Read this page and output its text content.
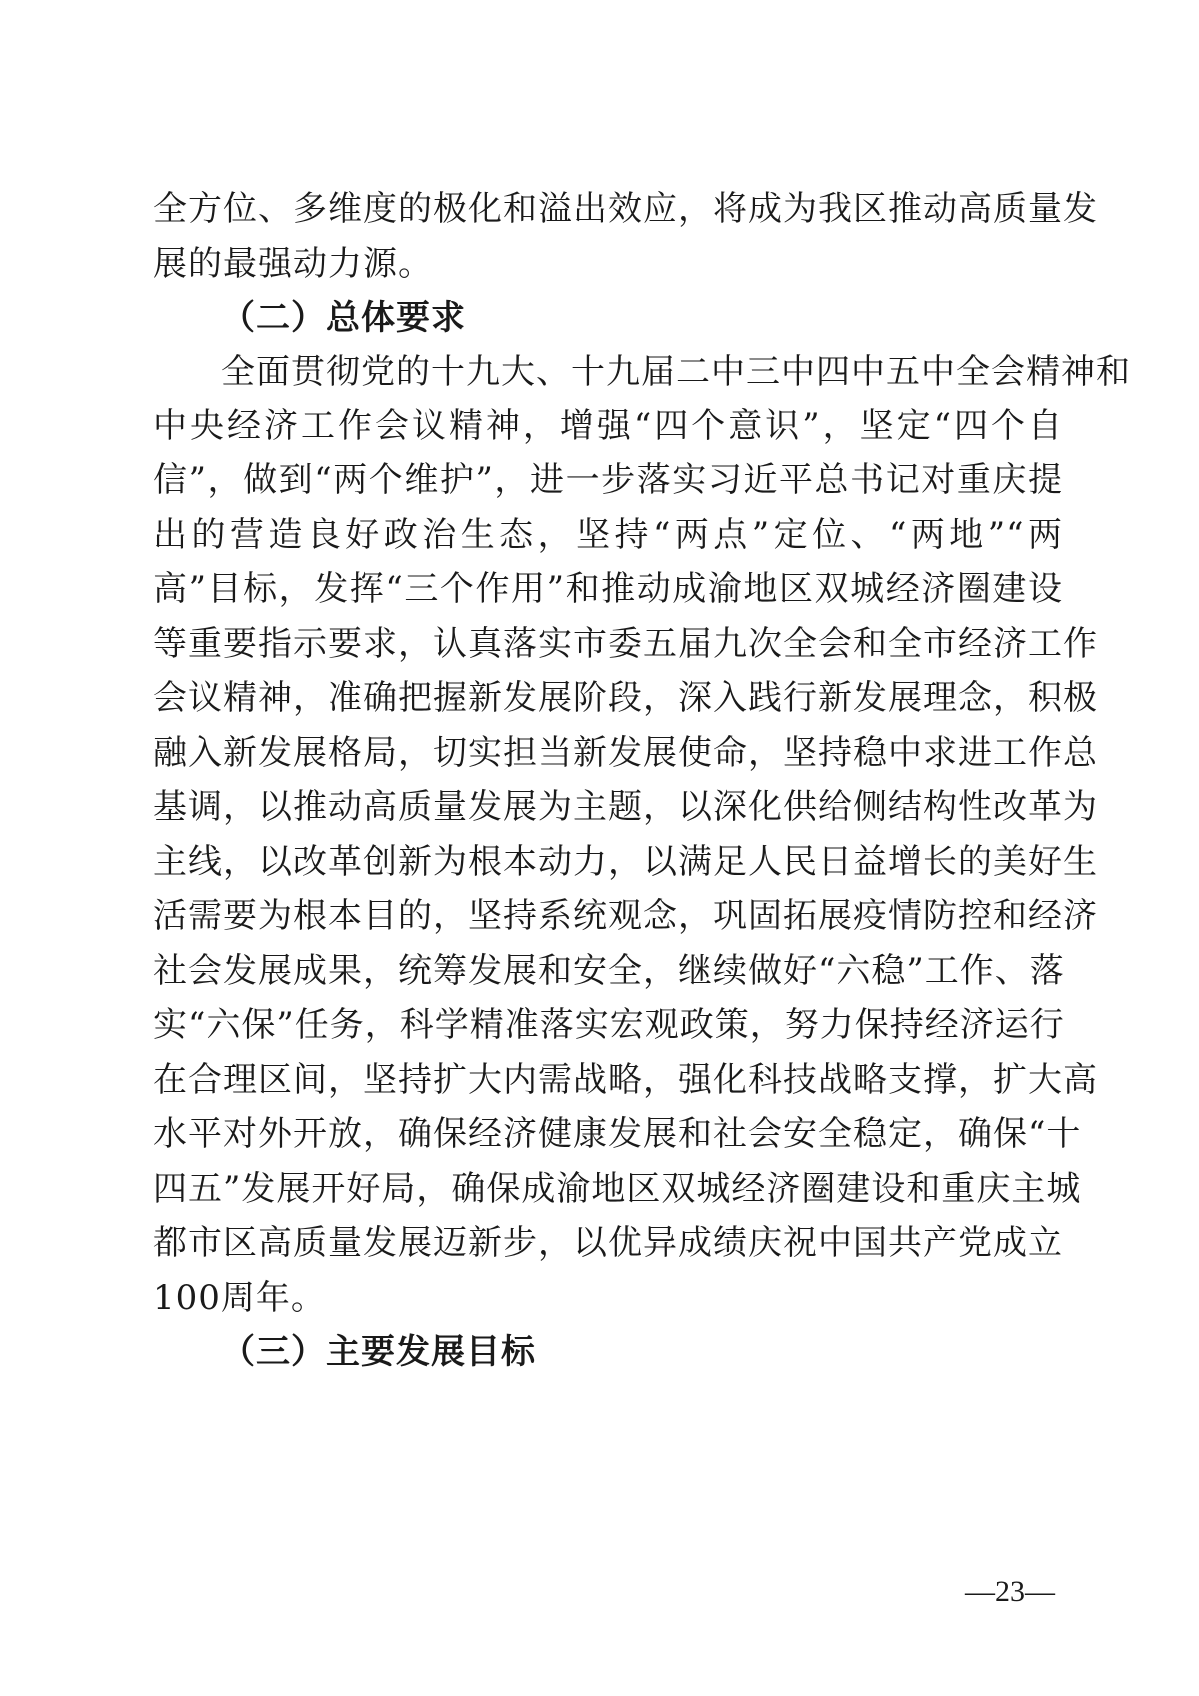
全方位、多维度的极化和溢出效应，将成为我区推动高质量发
展的最强动力源。
（二）总体要求
全面贯彻党的十九大、十九届二中三中四中五中全会精神和
中央经济工作会议精神，增强“四个意识”，坚定“四个自
信”，做到“两个维护”，进一步落实习近平总书记对重庆提
出的营造良好政治生态，坚持“两点”定位、“两地”“两
高”目标，发挥“三个作用”和推动成渝地区双城经济圈建设
等重要指示要求，认真落实市委五届九次全会和全市经济工作
会议精神，准确把握新发展阶段，深入践行新发展理念，积极
融入新发展格局，切实担当新发展使命，坚持稳中求进工作总
基调，以推动高质量发展为主题，以深化供给侧结构性改革为
主线，以改革创新为根本动力，以满足人民日益增长的美好生
活需要为根本目的，坚持系统观念，巩固拓展疫情防控和经济
社会发展成果，统筹发展和安全，继续做好“六稳”工作、落
实“六保”任务，科学精准落实宏观政策，努力保持经济运行
在合理区间，坚持扩大内需战略，强化科技战略支撑，扩大高
水平对外开放，确保经济健康发展和社会安全稳定，确保“十
四五”发展开好局，确保成渝地区双城经济圈建设和重庆主城
都市区高质量发展迈新步，以优异成绩庆祝中国共产党成立
100周年。
（三）主要发展目标
—23—
